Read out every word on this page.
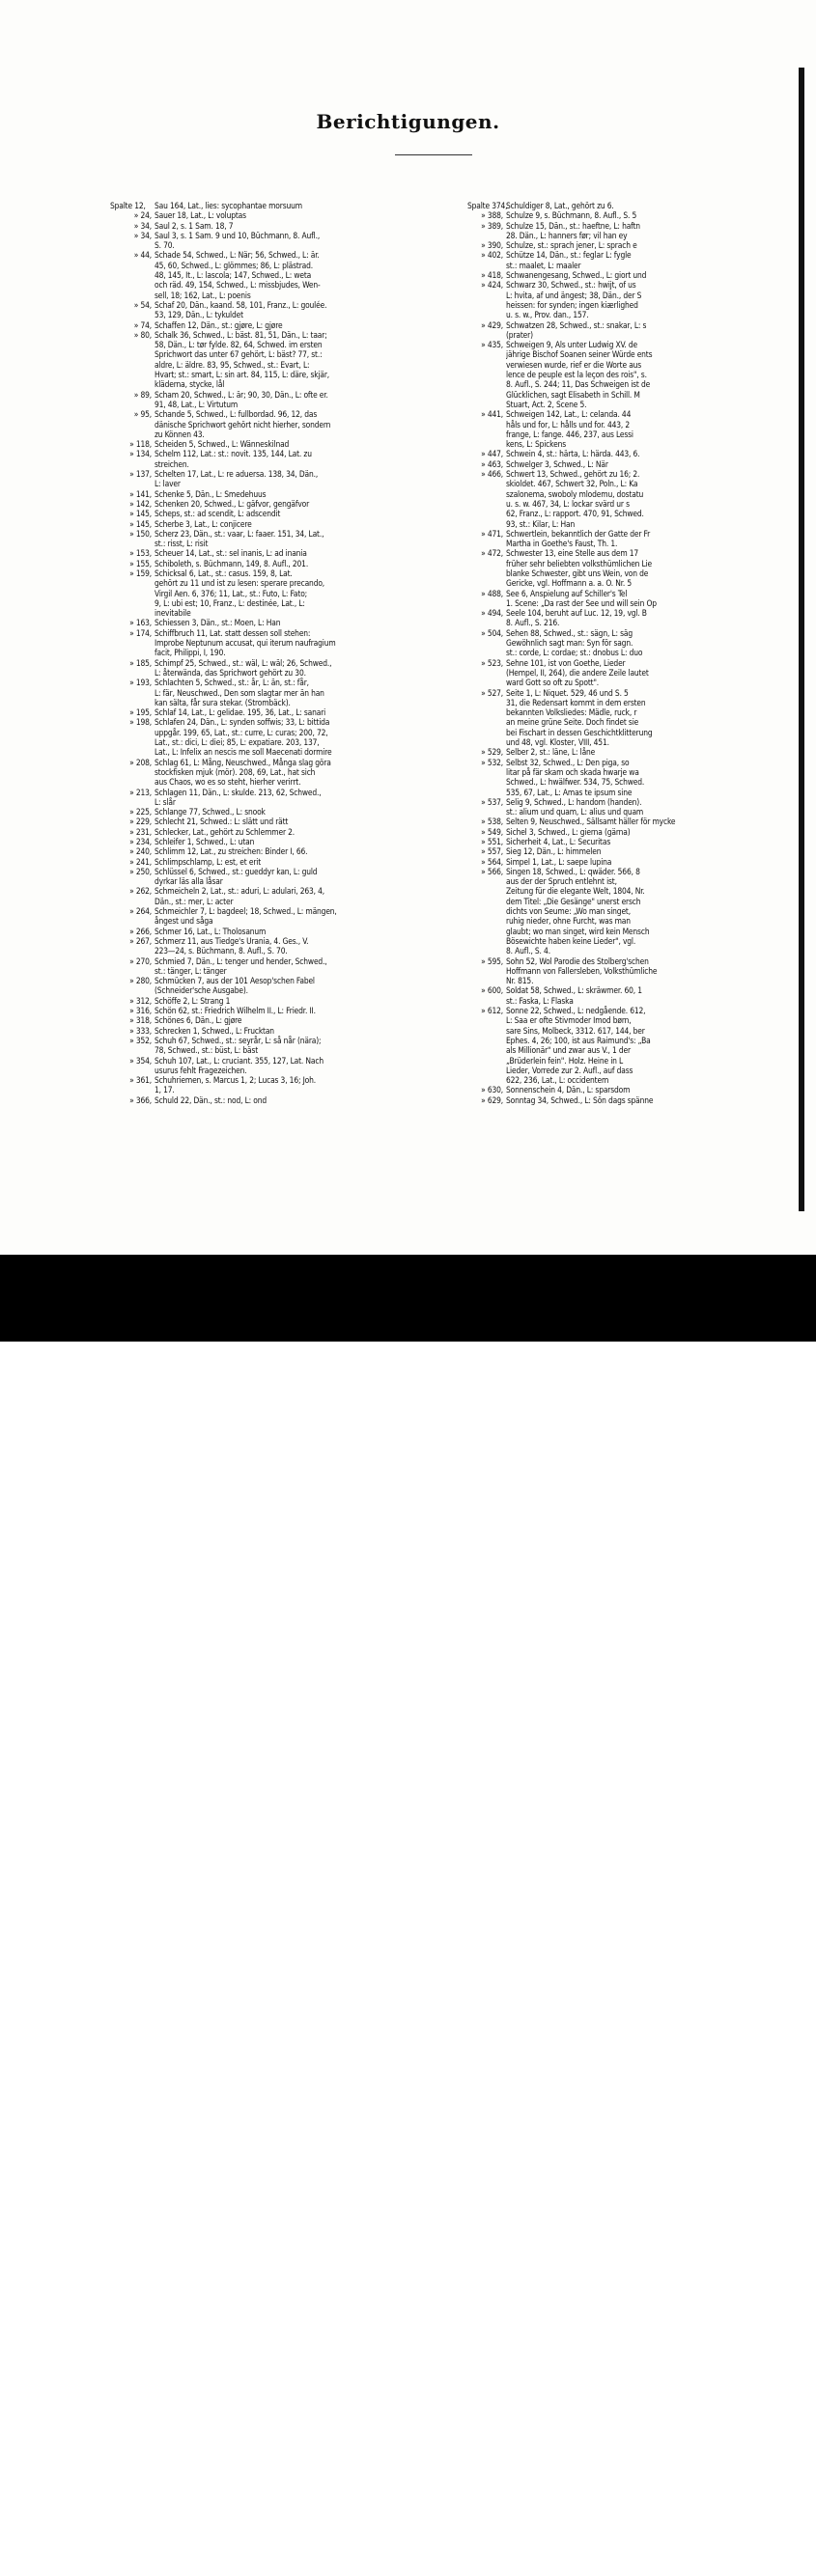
Berichtigungen.
Spalte 12,	Sau 164, Lat., lies: sycophantae morsuum
» 24, Sauer 18, Lat., L: voluptas
» 34, Saul 2, s. 1 Sam. 18, 7
» 34, Saul 3, s. 1 Sam. 9 und 10, Büchmann, 8. Aufl.,
S. 70.
» 44, Schade 54, Schwed., L: När; 56, Schwed., L: är.
45, 60, Schwed., L: glömmes; 86, L: plästrad.
48, 145, It., L: lascola; 147, Schwed., L: weta
och räd. 49, 154, Schwed., L: missbjudes, Wen-
sell, 18; 162, Lat., L: poenis
» 54, Schaf 20, Dän., kaand. 58, 101, Franz., L: goulée.
53, 129, Dän., L: tykuldet
» 74, Schaffen 12, Dän., st.: gjøre, L: gjøre
» 80, Schalk 36, Schwed., L: bäst. 81, 51, Dän., L: taar;
58, Dän., L: tør fylde. 82, 64, Schwed. im ersten
Sprichwort das unter 67 gehört, L: bäst? 77, st.:
aldre, L: äldre. 83, 95, Schwed., st.: Evart, L:
Hvart; st.: smart, L: sin art. 84, 115, L: däre, skjär,
kläderna, stycke, lål
» 89, Scham 20, Schwed., L: är; 90, 30, Dän., L: ofte er.
91, 48, Lat., L: Virtutum
» 95, Schande 5, Schwed., L: fullbordad. 96, 12, das
dänische Sprichwort gehört nicht hierher, sondern
zu Können 43.
» 118, Scheiden 5, Schwed., L: Wänneskilnad
» 134, Schelm 112, Lat.: st.: novit. 135, 144, Lat. zu
streichen.
» 137, Schelten 17, Lat., L: re aduersa. 138, 34, Dän.,
L: laver
» 141, Schenke 5, Dän., L: Smedehuus
» 142, Schenken 20, Schwed., L: gäfvor, gengäfvor
» 145, Scheps, st.: ad scendit, L: adscendit
» 145, Scherbe 3, Lat., L: conjicere
» 150, Scherz 23, Dän., st.: vaar, L: faaer. 151, 34, Lat.,
st.: risst, L: risit
» 153, Scheuer 14, Lat., st.: sel inanis, L: ad inania
» 155, Schiboleth, s. Büchmann, 149, 8. Aufl., 201.
» 159, Schicksal 6, Lat., st.: casus. 159, 8, Lat.
gehört zu 11 und ist zu lesen: sperare precando,
Virgil Aen. 6, 376; 11, Lat., st.: Futo, L: Fato;
9, L: ubi est; 10, Franz., L: destinée, Lat., L:
inevitabile
» 163, Schiessen 3, Dän., st.: Moen, L: Han
» 174, Schiffbruch 11, Lat. statt dessen soll stehen:
Improbe Neptunum accusat, qui iterum naufragium
facit, Philippi, I, 190.
» 185, Schimpf 25, Schwed., st.: wäl, L: wäl; 26, Schwed.,
L: återwända, das Sprichwort gehört zu 30.
» 193, Schlachten 5, Schwed., st.: år, L: än, st.: får,
L: fär, Neuschwed., Den som slagtar mer än han
kan sälta, får sura stekar. (Strombäck).
» 195, Schlaf 14, Lat., L: gelidae. 195, 36, Lat., L: sanari
» 198, Schlafen 24, Dän., L: synden soffwis; 33, L: bittida
uppgår. 199, 65, Lat., st.: curre, L: curas; 200, 72,
Lat., st.: dici, L: diei; 85, L: expatiare. 203, 137,
Lat., L: Infelix an nescis me soll Maecenati dormire
» 208, Schlag 61, L: Mång, Neuschwed., Många slag göra
stockfisken mjuk (mör). 208, 69, Lat., hat sich
aus Chaos, wo es so steht, hierher verirrt.
» 213, Schlagen 11, Dän., L: skulde. 213, 62, Schwed.,
L: slår
» 225, Schlange 77, Schwed., L: snook
» 229, Schlecht 21, Schwed.: L: slätt und rätt
» 231, Schlecker, Lat., gehört zu Schlemmer 2.
» 234, Schleifer 1, Schwed., L: utan
» 240, Schlimm 12, Lat., zu streichen: Binder I, 66.
» 241, Schlimpschlamp, L: est, et erit
» 250, Schlüssel 6, Schwed., st.: gueddyr kan, L: guld
dyrkar läs alla låsar
» 262, Schmeicheln 2, Lat., st.: aduri, L: adulari, 263, 4,
Dän., st.: mer, L: acter
» 264, Schmeichler 7, L: bagdeel; 18, Schwed., L: mängen,
ångest und såga
» 266, Schmer 16, Lat., L: Tholosanum
» 267, Schmerz 11, aus Tiedge's Urania, 4. Ges., V.
223—24, s. Büchmann, 8. Aufl., S. 70.
» 270, Schmied 7, Dän., L: tenger und hender, Schwed.,
st.: tänger, L: tänger
» 280, Schmücken 7, aus der 101 Aesop'schen Fabel
(Schneider'sche Ausgabe).
» 312, Schöffe 2, L: Strang 1
» 316, Schön 62, st.: Friedrich Wilhelm II., L: Friedr. II.
» 318, Schönes 6, Dän., L: gjøre
» 333, Schrecken 1, Schwed., L: Frucktan
» 352, Schuh 67, Schwed., st.: seyrår, L: så når (nära);
78, Schwed., st.: büst, L: bäst
» 354, Schuh 107, Lat., L: cruciant. 355, 127, Lat. Nach
usurus fehlt Fragezeichen.
» 361, Schuhriemen, s. Marcus 1, 2; Lucas 3, 16; Joh.
1, 17.
» 366, Schuld 22, Dän., st.: nod, L: ond
Spalte 374,
Schuldiger 8, Lat., gehört zu 6.
» 388, Schulze 9, s. Büchmann, 8. Aufl., S. 5
» 389, Schulze 15, Dän., st.: haeftne, L: haftn
28. Dän., L: hanners før; vil han ey
» 390, Schulze, st.: sprach jener, L: sprach e
» 402, Schütze 14, Dän., st.: feglar L: fygle
st.: maalet, L: maaler
» 418, Schwanengesang, Schwed., L: giort und
» 424, Schwarz 30, Schwed., st.: hwijt, of us
L: hvita, af und ängest; 38, Dän., der S
heissen: for synden; ingen kiærlighed
u. s. w., Prov. dan., 157.
» 429, Schwatzen 28, Schwed., st.: snakar, L: s
(prater)
» 435, Schweigen 9, Als unter Ludwig XV. de
jährige Bischof Soanen seiner Würde ents
verwiesen wurde, rief er die Worte aus
lence de peuple est la leçon des rois", s.
8. Aufl., S. 244; 11, Das Schweigen ist de
Glücklichen, sagt Elisabeth in Schill. M
Stuart, Act. 2, Scene 5.
» 441, Schweigen 142, Lat., L: celanda. 44
håls und for, L: hålls und for. 443, 2
frange, L: fange. 446, 237, aus Lessi
kens, L: Spickens
» 447, Schwein 4, st.: härta, L: härda. 443, 6.
» 463, Schwelger 3, Schwed., L: När
» 466, Schwert 13, Schwed., gehört zu 16; 2.
skioldet. 467, Schwert 32, Poln., L: Ka
szalonema, swoboly mlodemu, dostatu
u. s. w. 467, 34, L: lockar svärd ur s
62, Franz., L: rapport. 470, 91, Schwed.
93, st.: Kilar, L: Han
» 471, Schwertlein, bekanntlich der Gatte der Fr
Martha in Goethe's Faust, Th. 1.
» 472, Schwester 13, eine Stelle aus dem 17
früher sehr beliebten volksthümlichen Lie
blanke Schwester, gibt uns Wein, von de
Gericke, vgl. Hoffmann a. a. O. Nr. 5
» 488, See 6, Anspielung auf Schiller's Tel
1. Scene: „Da rast der See und will sein Op
» 494, Seele 104, beruht auf Luc. 12, 19, vgl. B
8. Aufl., S. 216.
» 504, Sehen 88, Schwed., st.: sägn, L: säg
Gewöhnlich sagt man: Syn för sagn.
st.: corde, L: cordae; st.: dnobus L: duo
» 523, Sehne 101, ist von Goethe, Lieder
(Hempel, II, 264), die andere Zeile lautet
ward Gott so oft zu Spott".
» 527, Seite 1, L: Niquet. 529, 46 und S. 5
31, die Redensart kommt in dem ersten
bekannten Volksliedes: Mädle, ruck, r
an meine grüne Seite. Doch findet sie
bei Fischart in dessen Geschichtklitterung
und 48, vgl. Kloster, VIII, 451.
» 529, Selber 2, st.: läne, L: låne
» 532, Selbst 32, Schwed., L: Den piga, so
litar på fär skam och skada hwarje wa
Schwed., L: hwälfwer. 534, 75, Schwed.
535, 67, Lat., L: Amas te ipsum sine
» 537, Selig 9, Schwed., L: handom (handen).
st.: alium und quam, L: alius und quam
» 538, Selten 9, Neuschwed., Sällsamt häller för mycke
» 549, Sichel 3, Schwed., L: gierna (gärna)
» 551, Sicherheit 4, Lat., L: Securitas
» 557, Sieg 12, Dän., L: himmelen
» 564, Simpel 1, Lat., L: saepe lupina
» 566, Singen 18, Schwed., L: qwäder. 566, 8
aus der der Spruch entlehnt ist,
Zeitung für die elegante Welt, 1804, Nr.
dem Titel: „Die Gesänge" unerst ersch
dichts von Seume: „Wo man singet,
ruhig nieder, ohne Furcht, was man
glaubt; wo man singet, wird kein Mensch
Bösewichte haben keine Lieder", vgl.
8. Aufl., S. 4.
» 595, Sohn 52, Wol Parodie des Stolberg'schen
Hoffmann von Fallersleben, Volksthümliche
Nr. 815.
» 600, Soldat 58, Schwed., L: skräwmer. 60, 1
st.: Faska, L: Flaska
» 612, Sonne 22, Schwed., L: nedgående. 612,
L: Saa er ofte Stivmoder Imod børn,
sare Sins, Molbeck, 3312. 617, 144, ber
Ephes. 4, 26; 100, ist aus Raimund's: „Ba
als Millionär" und zwar aus V., 1 der
„Brüderlein fein". Holz. Heine in L
Lieder, Vorrede zur 2. Aufl., auf dass
622, 236, Lat., L: occidentem
» 630, Sonnenschein 4, Dän., L: sparsdom
» 629, Sonntag 34, Schwed., L: Sön dags spänne
alamy	JTG130
www.alamy.com
